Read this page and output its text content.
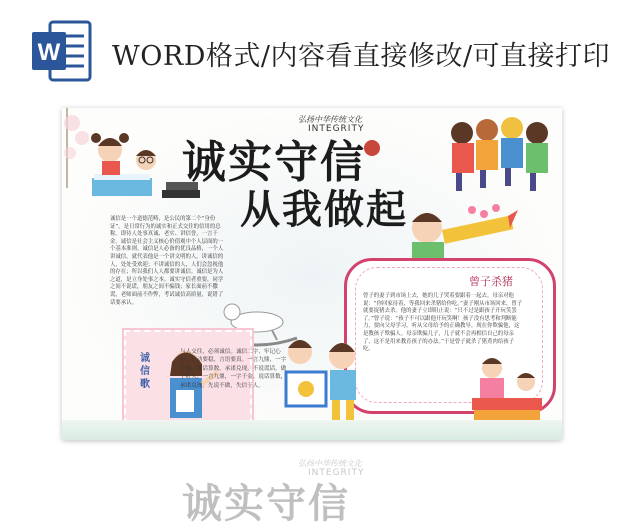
W WORD格式/内容看直接修改/可直接打印
弘扬中华传统文化
INTEGRITY
诚实守信
从我做起
诚信是一个道德范畴，是公民的第二个“身份证”，是日常行为的诚实和正式交往的信用的总称。即待人处事真诚、老实、讲信誉，一言千金。诚信是社会主义核心价值观中个人层面的一个基本准则。诚信是人必备的优良品格，一个人讲诚信，就代表他是一个讲文明的人。讲诚信的人，处处受欢迎；不讲诚信的人，人们会忽视他的存在；所以我们人人都要讲诚信。诚信是为人之道，是立身处事之本。诚实守信者重要，同学之间不说谎，朋友之间不骗钱；家长面前不撒谎，老师面前不作弊，考试诚信高质量，说错了话要承认。
曾子杀猪
曾子的妻子到市场上去，她的儿子哭着要跟着一起去。母亲对他说：“你回家待着，等我回来杀猪给你吃。”妻子刚从市场回来，曾子就要捉猪去杀。他的妻子立即阻止说：“只不过是跟孩子开玩笑罢了。”曾子说：“孩子不可以跟他开玩笑啊！孩子没有思考和判断能力，要向父母学习，听从父母给予的正确教导。现在你欺骗他，这是教孩子欺骗人。母亲欺骗儿子，儿子就不会再相信自己的母亲了，这不是用来教育孩子的办法。”于是曾子就杀了猪煮肉给孩子吃。
诚信歌
与人交往，必须诚信。诚信二字，牢记心中。行动要稳，言语要真。一言九鼎，一字千金。说话算数，承诺兑现。不说谎话，做个好人。一言九鼎，一字千金。说话算数，承诺兑现。先说不做，失信于人。
弘扬中华传统文化
INTEGRITY
诚实守信
